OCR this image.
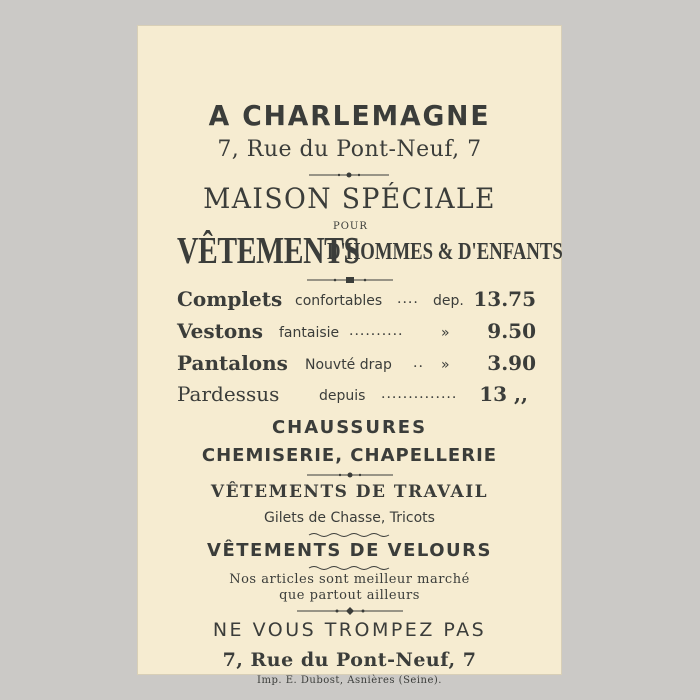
A CHARLEMAGNE
7, Rue du Pont-Neuf, 7
MAISON SPÉCIALE
VÊTEMENTS
POUR
D'HOMMES & D'ENFANTS
Complets confortables .... dep. 13.75
Vestons fantaisie ..........	» 9.50
Pantalons Nouvté drap .. » 3.90
Pardessus	depuis .............. 13 ,,
CHAUSSURES
CHEMISERIE, CHAPELLERIE
VÊTEMENTS DE TRAVAIL
Gilets de Chasse, Tricots
VÊTEMENTS DE VELOURS
Nos articles sont meilleur marché
que partout ailleurs
NE VOUS TROMPEZ PAS
7, Rue du Pont-Neuf, 7
Imp. E. Dubost, Asnières (Seine).
